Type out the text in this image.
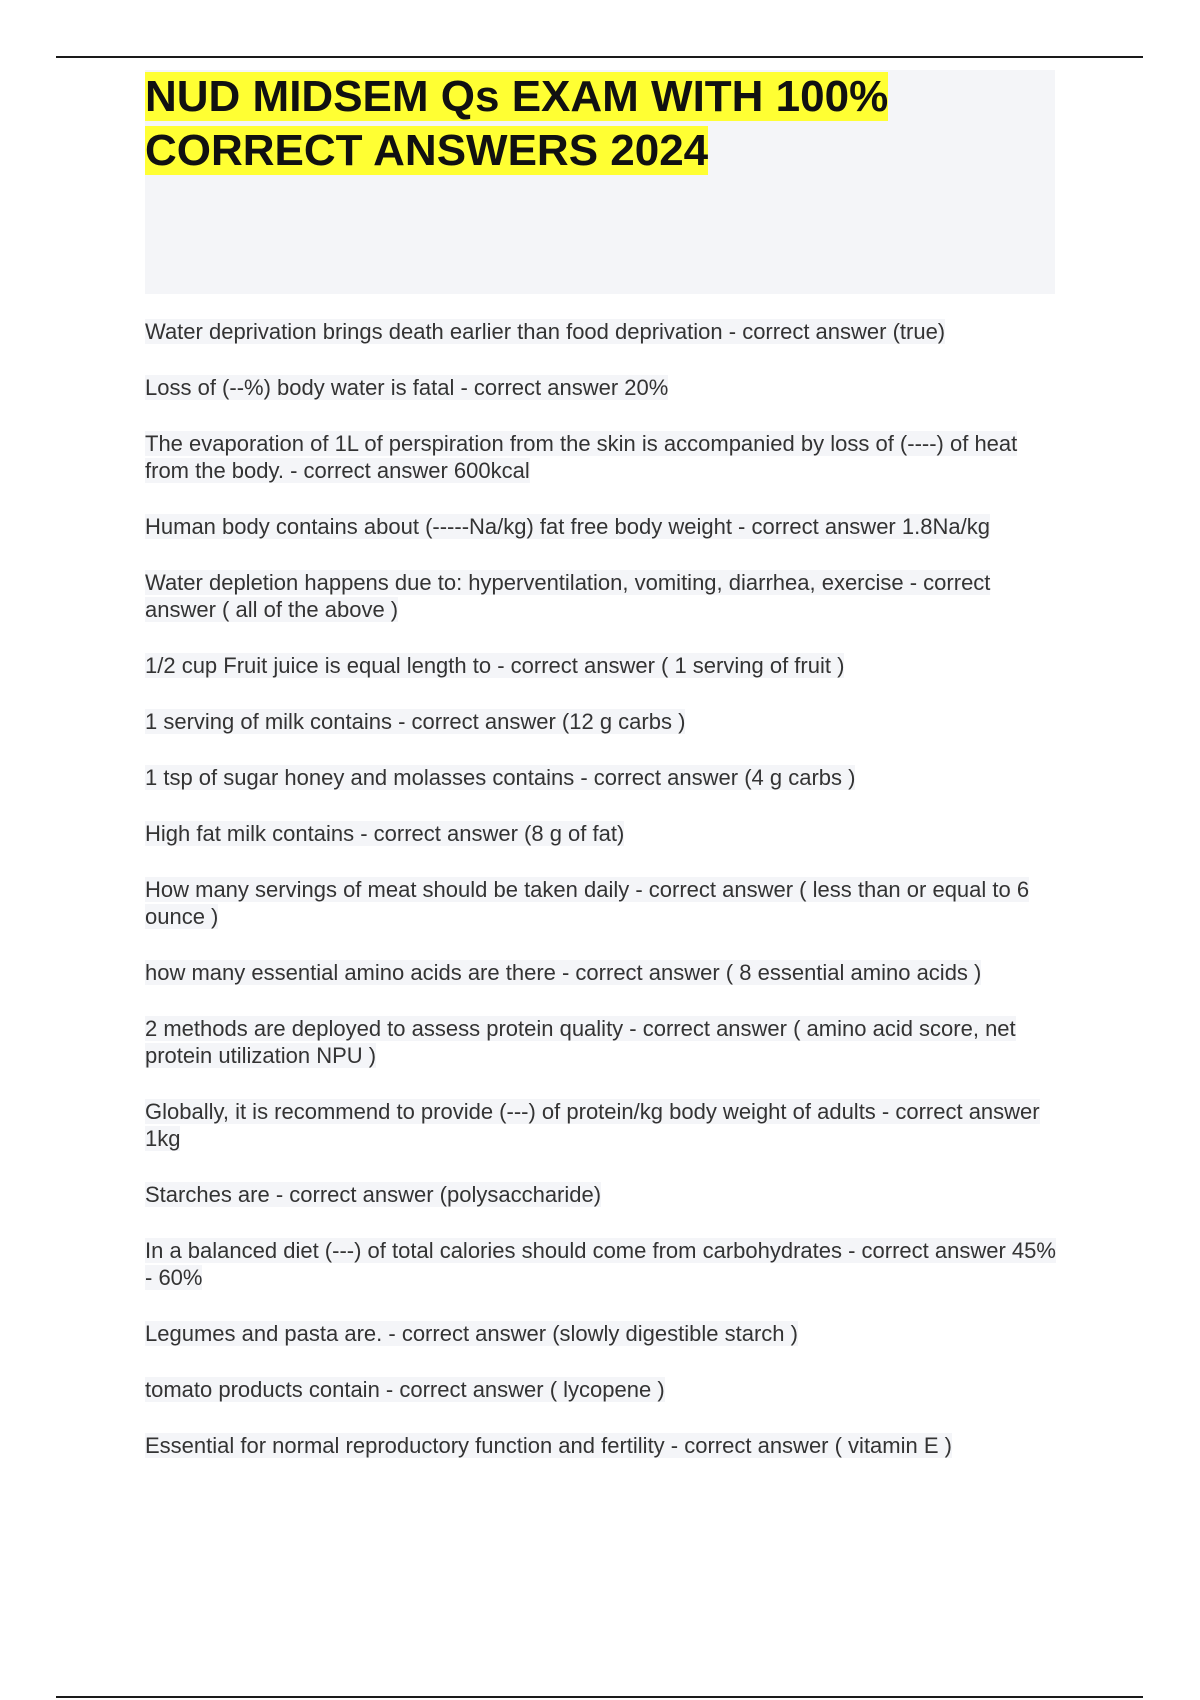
NUD MIDSEM Qs EXAM WITH 100% CORRECT ANSWERS 2024
Water deprivation brings death earlier than food deprivation - correct answer (true)
Loss of (--%) body water is fatal - correct answer 20%
The evaporation of 1L of perspiration from the skin is accompanied by loss of (----) of heat from the body. - correct answer 600kcal
Human body contains about (-----Na/kg) fat free body weight - correct answer 1.8Na/kg
Water depletion happens due to: hyperventilation, vomiting, diarrhea, exercise - correct answer ( all of the above )
1/2 cup Fruit juice is equal length to - correct answer ( 1 serving of fruit )
1 serving of milk contains - correct answer (12 g carbs )
1 tsp of sugar honey and molasses contains - correct answer (4 g carbs )
High fat milk contains - correct answer (8 g of fat)
How many servings of meat should be taken daily - correct answer ( less than or equal to 6 ounce )
how many essential amino acids are there - correct answer ( 8 essential amino acids )
2 methods are deployed to assess protein quality - correct answer ( amino acid score, net protein utilization NPU )
Globally, it is recommend to provide (---) of protein/kg body weight of adults - correct answer 1kg
Starches are - correct answer (polysaccharide)
In a balanced diet (---) of total calories should come from carbohydrates - correct answer 45% - 60%
Legumes and pasta are. - correct answer (slowly digestible starch )
tomato products contain - correct answer ( lycopene )
Essential for normal reproductory function and fertility - correct answer ( vitamin E )
